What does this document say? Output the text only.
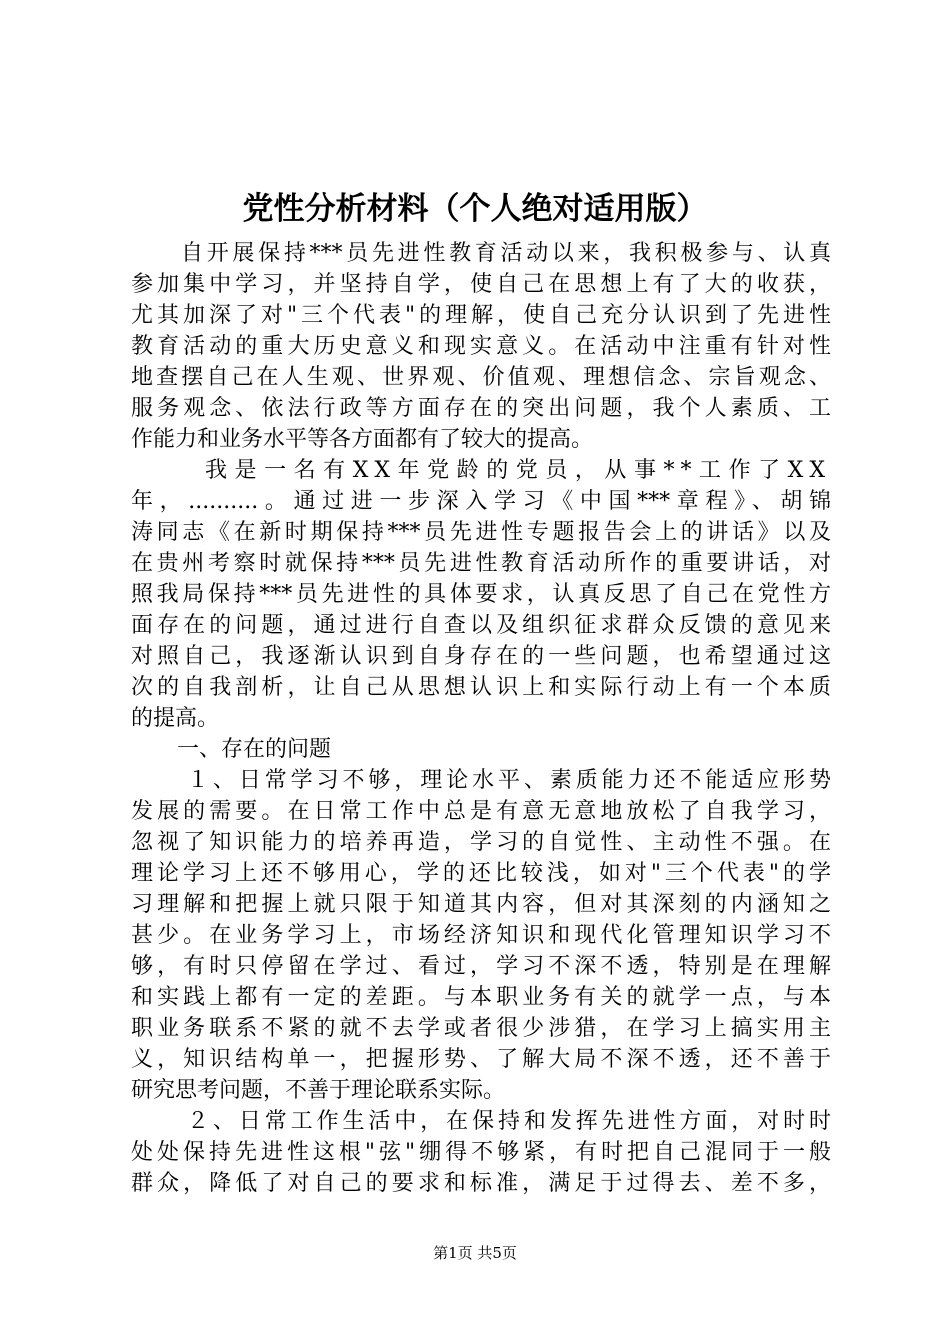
党性分析材料（个人绝对适用版）
自开展保持***员先进性教育活动以来，我积极参与、认真
参加集中学习，并坚持自学，使自己在思想上有了大的收获，
尤其加深了对"三个代表"的理解，使自己充分认识到了先进性
教育活动的重大历史意义和现实意义。在活动中注重有针对性
地查摆自己在人生观、世界观、价值观、理想信念、宗旨观念、
服务观念、依法行政等方面存在的突出问题，我个人素质、工
作能力和业务水平等各方面都有了较大的提高。
我是一名有XX年党龄的党员，从事**工作了XX
年，..........。通过进一步深入学习《中国***章程》、胡锦
涛同志《在新时期保持***员先进性专题报告会上的讲话》以及
在贵州考察时就保持***员先进性教育活动所作的重要讲话，对
照我局保持***员先进性的具体要求，认真反思了自己在党性方
面存在的问题，通过进行自查以及组织征求群众反馈的意见来
对照自己，我逐渐认识到自身存在的一些问题，也希望通过这
次的自我剖析，让自己从思想认识上和实际行动上有一个本质
的提高。
一、存在的问题
１、日常学习不够，理论水平、素质能力还不能适应形势
发展的需要。在日常工作中总是有意无意地放松了自我学习，
忽视了知识能力的培养再造，学习的自觉性、主动性不强。在
理论学习上还不够用心，学的还比较浅，如对"三个代表"的学
习理解和把握上就只限于知道其内容，但对其深刻的内涵知之
甚少。在业务学习上，市场经济知识和现代化管理知识学习不
够，有时只停留在学过、看过，学习不深不透，特别是在理解
和实践上都有一定的差距。与本职业务有关的就学一点，与本
职业务联系不紧的就不去学或者很少涉猎，在学习上搞实用主
义，知识结构单一，把握形势、了解大局不深不透，还不善于
研究思考问题，不善于理论联系实际。
２、日常工作生活中，在保持和发挥先进性方面，对时时
处处保持先进性这根"弦"绷得不够紧，有时把自己混同于一般
群众，降低了对自己的要求和标准，满足于过得去、差不多，
第1页 共5页
